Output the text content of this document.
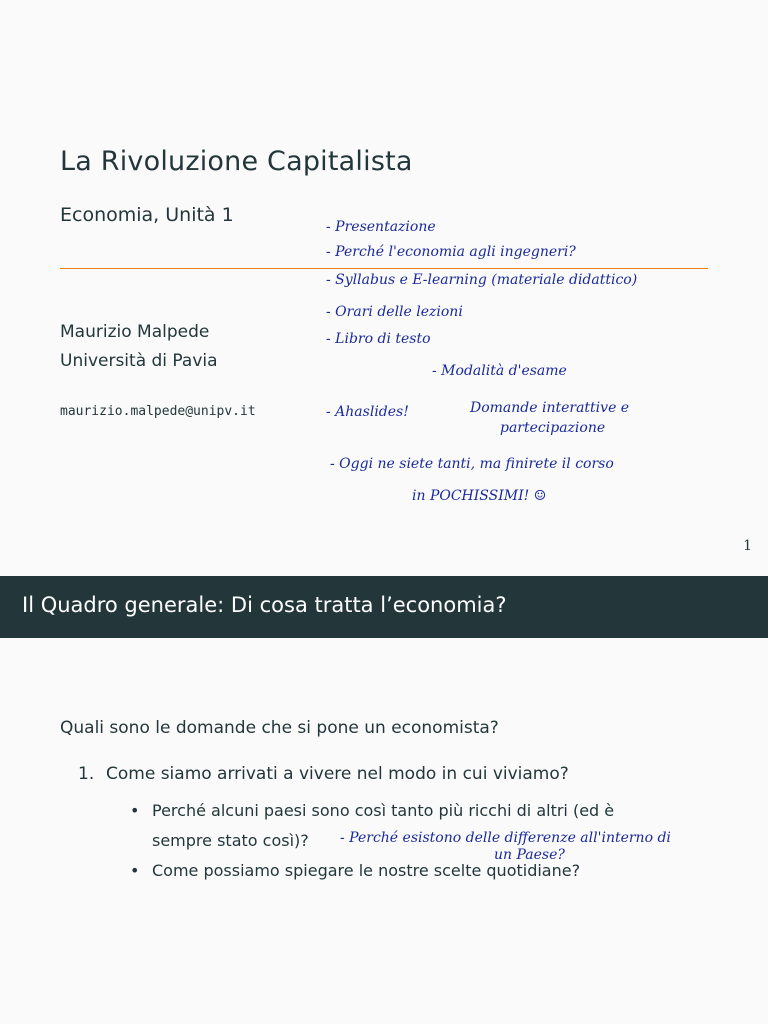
La Rivoluzione Capitalista
Economia, Unità 1
Maurizio Malpede
Università di Pavia
maurizio.malpede@unipv.it
1
- Presentazione
- Perché l'economia agli ingegneri?
- Syllabus e E-learning (materiale didattico)
- Orari delle lezioni
- Libro di testo
- Modalità d'esame
- Ahaslides!	Domande interattive e
partecipazione
- Oggi ne siete tanti, ma finirete il corso
in POCHISSIMI! ☺
Il Quadro generale: Di cosa tratta l’economia?
Quali sono le domande che si pone un economista?
1. Come siamo arrivati a vivere nel modo in cui viviamo?
• Perché alcuni paesi sono così tanto più ricchi di altri (ed è
sempre stato così)?
• Come possiamo spiegare le nostre scelte quotidiane?
- Perché esistono delle differenze all'interno di
un Paese?
